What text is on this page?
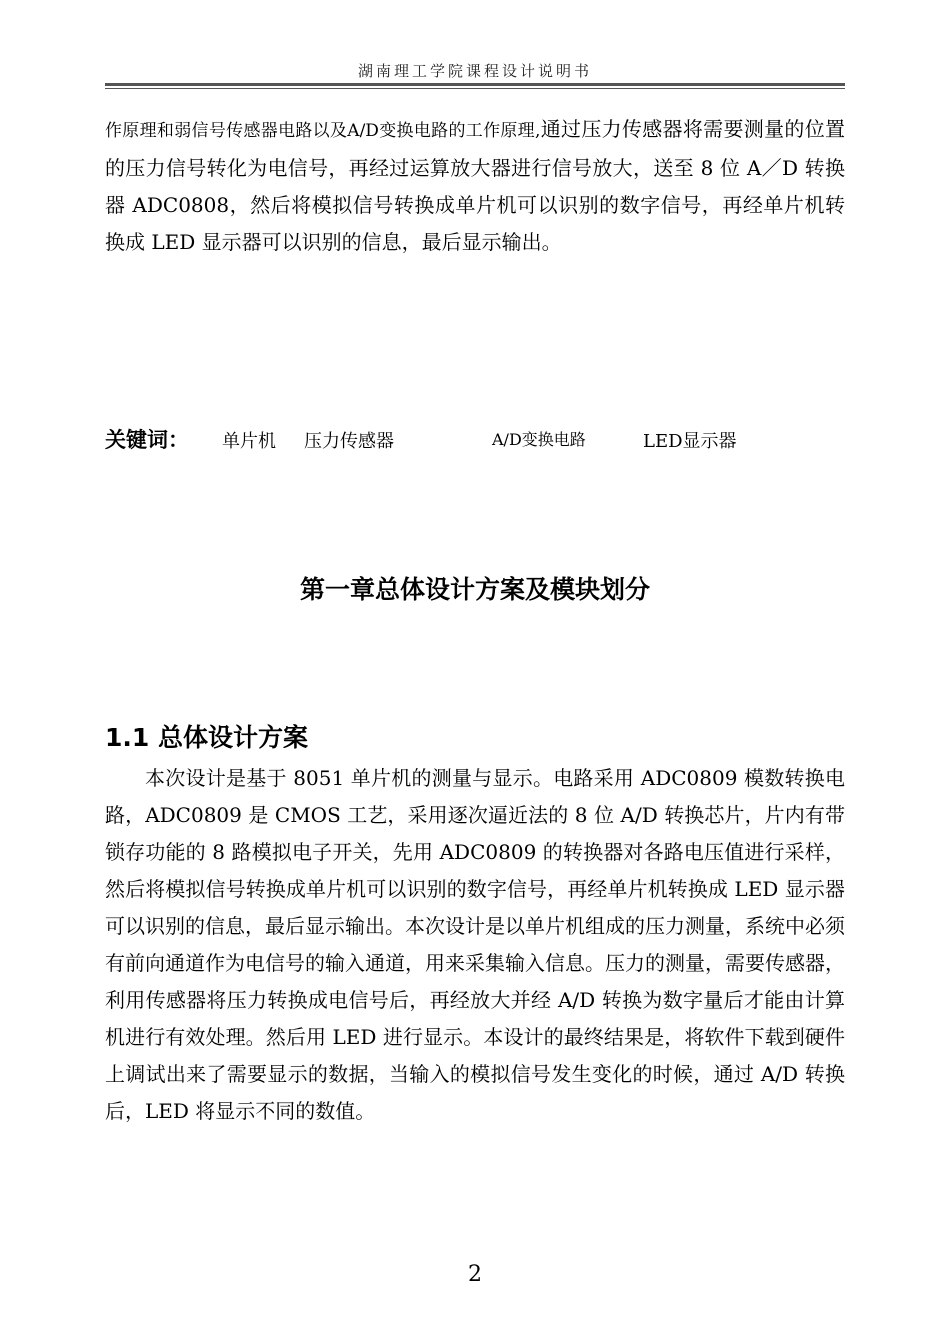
湖南理工学院课程设计说明书
作原理和弱信号传感器电路以及A/D变换电路的工作原理,通过压力传感器将需要测量的位置的压力信号转化为电信号，再经过运算放大器进行信号放大，送至 8 位 A／D 转换器 ADC0808，然后将模拟信号转换成单片机可以识别的数字信号，再经单片机转换成 LED 显示器可以识别的信息，最后显示输出。
关键词： 单片机 压力传感器	A/D变换电路	LED显示器
第一章总体设计方案及模块划分
1.1 总体设计方案
本次设计是基于 8051 单片机的测量与显示。电路采用 ADC0809 模数转换电路，ADC0809 是 CMOS 工艺，采用逐次逼近法的 8 位 A/D 转换芯片，片内有带锁存功能的 8 路模拟电子开关，先用 ADC0809 的转换器对各路电压值进行采样，然后将模拟信号转换成单片机可以识别的数字信号，再经单片机转换成 LED 显示器可以识别的信息，最后显示输出。本次设计是以单片机组成的压力测量，系统中必须有前向通道作为电信号的输入通道，用来采集输入信息。压力的测量，需要传感器，利用传感器将压力转换成电信号后，再经放大并经 A/D 转换为数字量后才能由计算机进行有效处理。然后用 LED 进行显示。本设计的最终结果是，将软件下载到硬件上调试出来了需要显示的数据，当输入的模拟信号发生变化的时候，通过 A/D 转换后，LED 将显示不同的数值。
2
